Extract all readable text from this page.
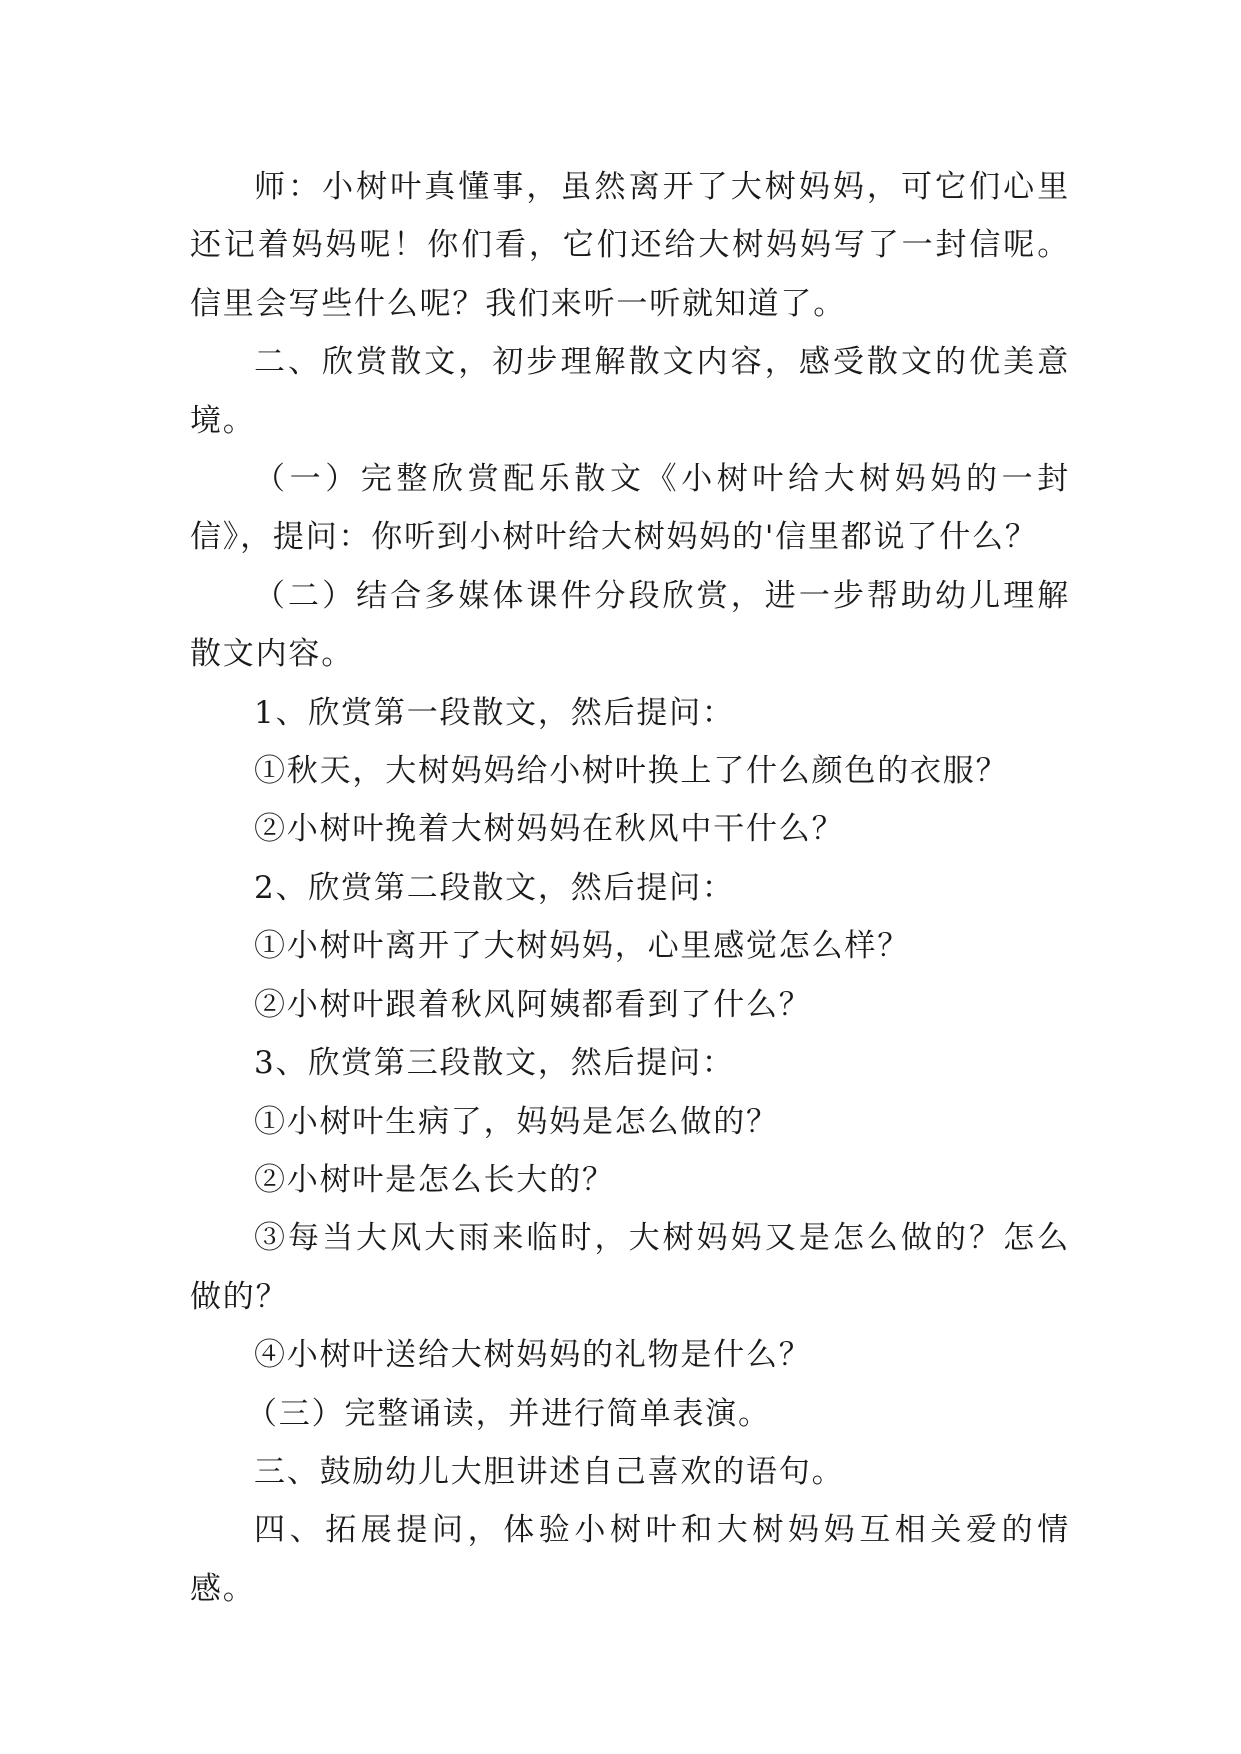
师：小树叶真懂事，虽然离开了大树妈妈，可它们心里还记着妈妈呢！你们看，它们还给大树妈妈写了一封信呢。信里会写些什么呢？我们来听一听就知道了。

二、欣赏散文，初步理解散文内容，感受散文的优美意境。

（一）完整欣赏配乐散文《小树叶给大树妈妈的一封信》，提问：你听到小树叶给大树妈妈的'信里都说了什么？

（二）结合多媒体课件分段欣赏，进一步帮助幼儿理解散文内容。

1、欣赏第一段散文，然后提问：

①秋天，大树妈妈给小树叶换上了什么颜色的衣服？

②小树叶挽着大树妈妈在秋风中干什么？

2、欣赏第二段散文，然后提问：

①小树叶离开了大树妈妈，心里感觉怎么样？

②小树叶跟着秋风阿姨都看到了什么？

3、欣赏第三段散文，然后提问：

①小树叶生病了，妈妈是怎么做的？

②小树叶是怎么长大的？

③每当大风大雨来临时，大树妈妈又是怎么做的？怎么做的？

④小树叶送给大树妈妈的礼物是什么？

（三）完整诵读，并进行简单表演。

三、鼓励幼儿大胆讲述自己喜欢的语句。

四、拓展提问，体验小树叶和大树妈妈互相关爱的情感。
